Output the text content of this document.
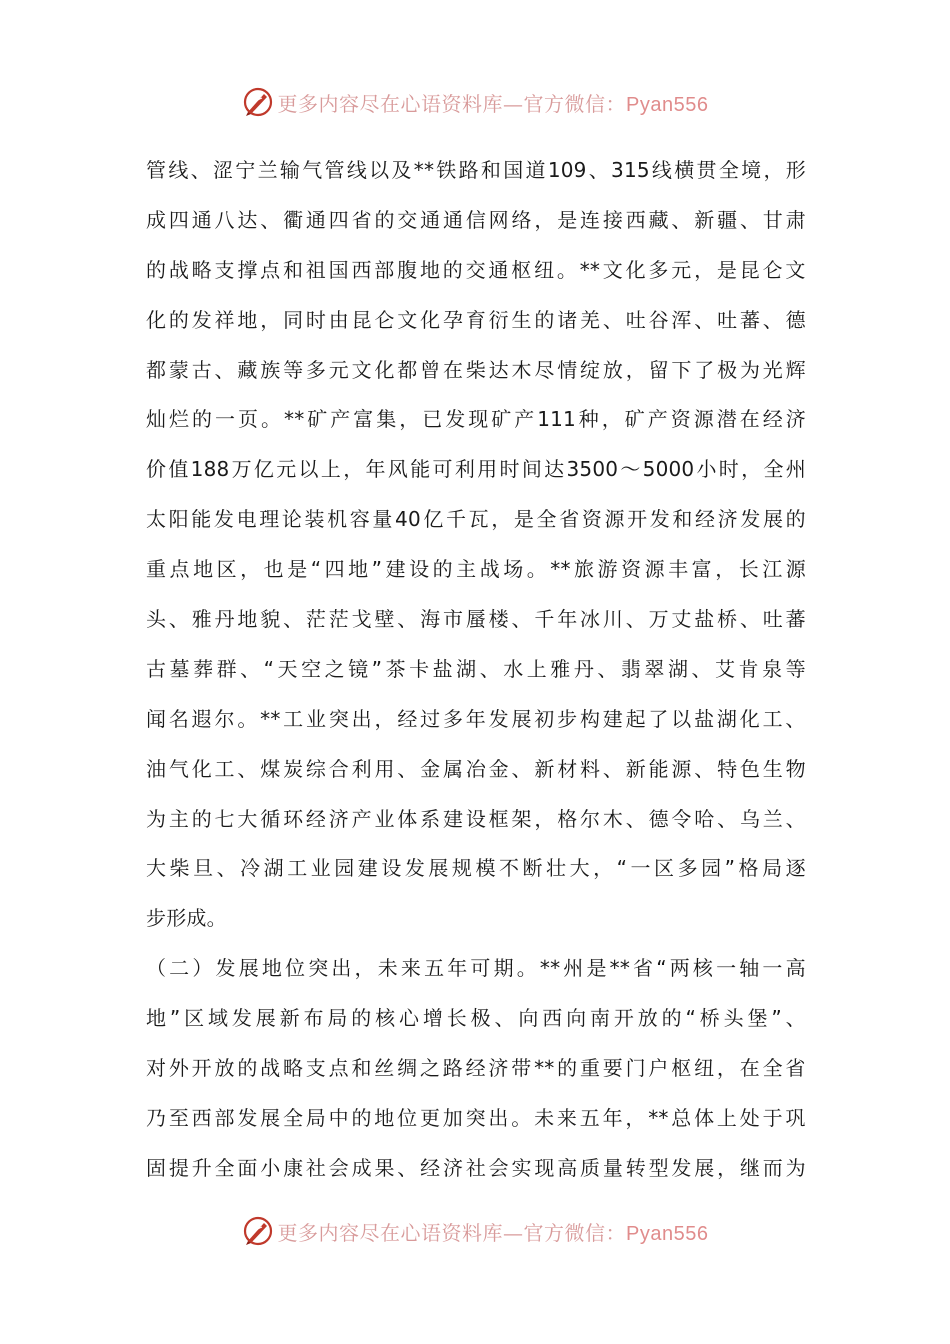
更多内容尽在心语资料库—官方微信：Pyan556
管 线 、 涩 宁 兰 输 气 管 线 以 及 ** 铁 路 和 国 道 109 、 315 线 横 贯 全 境 ， 形
成 四 通 八 达 、 衢 通 四 省 的 交 通 通 信 网 络 ， 是 连 接 西 藏 、 新 疆 、 甘 肃
的 战 略 支 撑 点 和 祖 国 西 部 腹 地 的 交 通 枢 纽 。 ** 文 化 多 元 ， 是 昆 仑 文
化 的 发 祥 地 ， 同 时 由 昆 仑 文 化 孕 育 衍 生 的 诸 羌 、 吐 谷 浑 、 吐 蕃 、 德
都 蒙 古 、 藏 族 等 多 元 文 化 都 曾 在 柴 达 木 尽 情 绽 放 ， 留 下 了 极 为 光 辉
灿 烂 的 一 页 。 ** 矿 产 富 集 ， 已 发 现 矿 产 111 种 ， 矿 产 资 源 潜 在 经 济
价 值 188 万 亿 元 以 上 ， 年 风 能 可 利 用 时 间 达 3500 ～ 5000 小 时 ， 全 州
太 阳 能 发 电 理 论 装 机 容 量 40 亿 千 瓦 ， 是 全 省 资 源 开 发 和 经 济 发 展 的
重 点 地 区 ， 也 是 “ 四 地 ” 建 设 的 主 战 场 。 ** 旅 游 资 源 丰 富 ， 长 江 源
头 、 雅 丹 地 貌 、 茫 茫 戈 壁 、 海 市 蜃 楼 、 千 年 冰 川 、 万 丈 盐 桥 、 吐 蕃
古 墓 葬 群 、 “ 天 空 之 镜 ” 茶 卡 盐 湖 、 水 上 雅 丹 、 翡 翠 湖 、 艾 肯 泉 等
闻 名 遐 尔 。 ** 工 业 突 出 ， 经 过 多 年 发 展 初 步 构 建 起 了 以 盐 湖 化 工 、
油 气 化 工 、 煤 炭 综 合 利 用 、 金 属 冶 金 、 新 材 料 、 新 能 源 、 特 色 生 物
为 主 的 七 大 循 环 经 济 产 业 体 系 建 设 框 架 ， 格 尔 木 、 德 令 哈 、 乌 兰 、
大 柴 旦 、 冷 湖 工 业 园 建 设 发 展 规 模 不 断 壮 大 ， “ 一 区 多 园 ” 格 局 逐
步形成。
（ 二 ） 发 展 地 位 突 出 ， 未 来 五 年 可 期 。 ** 州 是 ** 省 “ 两 核 一 轴 一 高
地 ” 区 域 发 展 新 布 局 的 核 心 增 长 极 、 向 西 向 南 开 放 的 “ 桥 头 堡 ” 、
对 外 开 放 的 战 略 支 点 和 丝 绸 之 路 经 济 带 ** 的 重 要 门 户 枢 纽 ， 在 全 省
乃 至 西 部 发 展 全 局 中 的 地 位 更 加 突 出 。 未 来 五 年 ， ** 总 体 上 处 于 巩
固 提 升 全 面 小 康 社 会 成 果 、 经 济 社 会 实 现 高 质 量 转 型 发 展 ， 继 而 为
更多内容尽在心语资料库—官方微信：Pyan556
